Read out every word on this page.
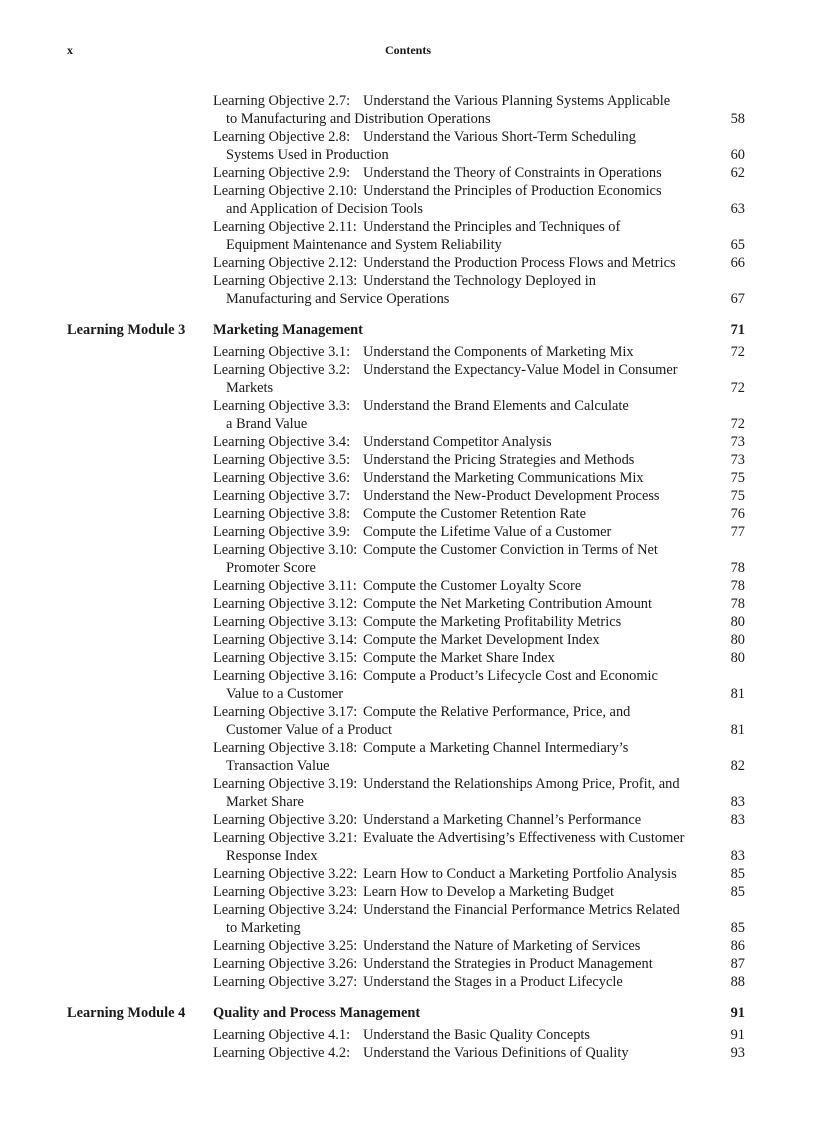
x	Contents
Learning Objective 2.7: Understand the Various Planning Systems Applicable
to Manufacturing and Distribution Operations	58
Learning Objective 2.8: Understand the Various Short-Term Scheduling
Systems Used in Production	60
Learning Objective 2.9: Understand the Theory of Constraints in Operations	62
Learning Objective 2.10: Understand the Principles of Production Economics
and Application of Decision Tools	63
Learning Objective 2.11: Understand the Principles and Techniques of
Equipment Maintenance and System Reliability	65
Learning Objective 2.12: Understand the Production Process Flows and Metrics	66
Learning Objective 2.13: Understand the Technology Deployed in
Manufacturing and Service Operations	67
Learning Module 3	Marketing Management	71
Learning Objective 3.1: Understand the Components of Marketing Mix	72
Learning Objective 3.2: Understand the Expectancy-Value Model in Consumer
Markets	72
Learning Objective 3.3: Understand the Brand Elements and Calculate
a Brand Value	72
Learning Objective 3.4: Understand Competitor Analysis	73
Learning Objective 3.5: Understand the Pricing Strategies and Methods	73
Learning Objective 3.6: Understand the Marketing Communications Mix	75
Learning Objective 3.7: Understand the New-Product Development Process	75
Learning Objective 3.8: Compute the Customer Retention Rate	76
Learning Objective 3.9: Compute the Lifetime Value of a Customer	77
Learning Objective 3.10: Compute the Customer Conviction in Terms of Net
Promoter Score	78
Learning Objective 3.11: Compute the Customer Loyalty Score	78
Learning Objective 3.12: Compute the Net Marketing Contribution Amount	78
Learning Objective 3.13: Compute the Marketing Profitability Metrics	80
Learning Objective 3.14: Compute the Market Development Index	80
Learning Objective 3.15: Compute the Market Share Index	80
Learning Objective 3.16: Compute a Product’s Lifecycle Cost and Economic
Value to a Customer	81
Learning Objective 3.17: Compute the Relative Performance, Price, and
Customer Value of a Product	81
Learning Objective 3.18: Compute a Marketing Channel Intermediary’s
Transaction Value	82
Learning Objective 3.19: Understand the Relationships Among Price, Profit, and
Market Share	83
Learning Objective 3.20: Understand a Marketing Channel’s Performance	83
Learning Objective 3.21: Evaluate the Advertising’s Effectiveness with Customer
Response Index	83
Learning Objective 3.22: Learn How to Conduct a Marketing Portfolio Analysis	85
Learning Objective 3.23: Learn How to Develop a Marketing Budget	85
Learning Objective 3.24: Understand the Financial Performance Metrics Related
to Marketing	85
Learning Objective 3.25: Understand the Nature of Marketing of Services	86
Learning Objective 3.26: Understand the Strategies in Product Management	87
Learning Objective 3.27: Understand the Stages in a Product Lifecycle	88
Learning Module 4	Quality and Process Management	91
Learning Objective 4.1: Understand the Basic Quality Concepts	91
Learning Objective 4.2: Understand the Various Definitions of Quality	93
